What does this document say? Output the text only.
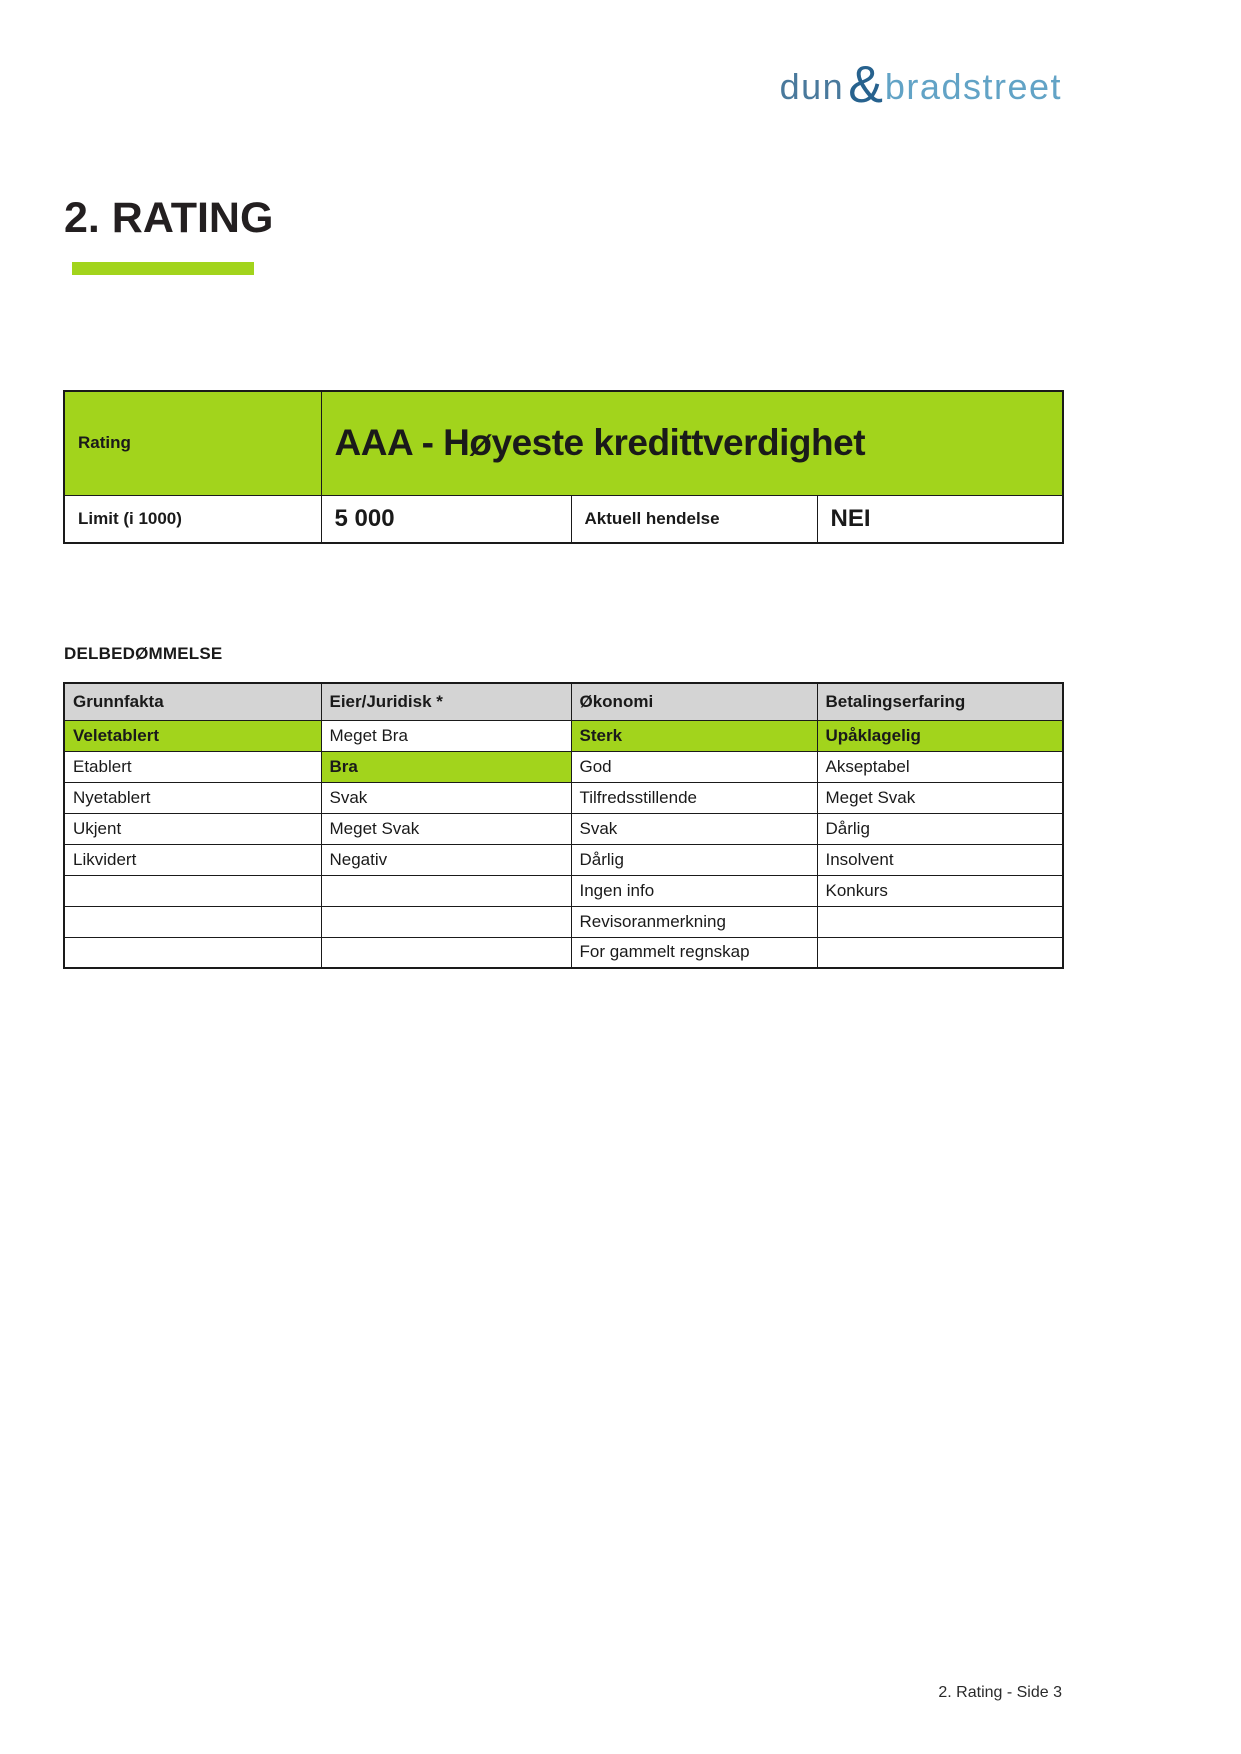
dun & bradstreet
2. RATING
Rating	AAA - Høyeste kredittverdighet		
Limit (i 1000)	5 000	Aktuell hendelse	NEI
DELBEDØMMELSE
Grunnfakta	Eier/Juridisk *	Økonomi	Betalingserfaring
Veletablert	Meget Bra	Sterk	Upåklagelig
Etablert	Bra	God	Akseptabel
Nyetablert	Svak	Tilfredsstillende	Meget Svak
Ukjent	Meget Svak	Svak	Dårlig
Likvidert	Negativ	Dårlig	Insolvent
		Ingen info	Konkurs
		Revisoranmerkning	
		For gammelt regnskap	
2. Rating - Side 3
